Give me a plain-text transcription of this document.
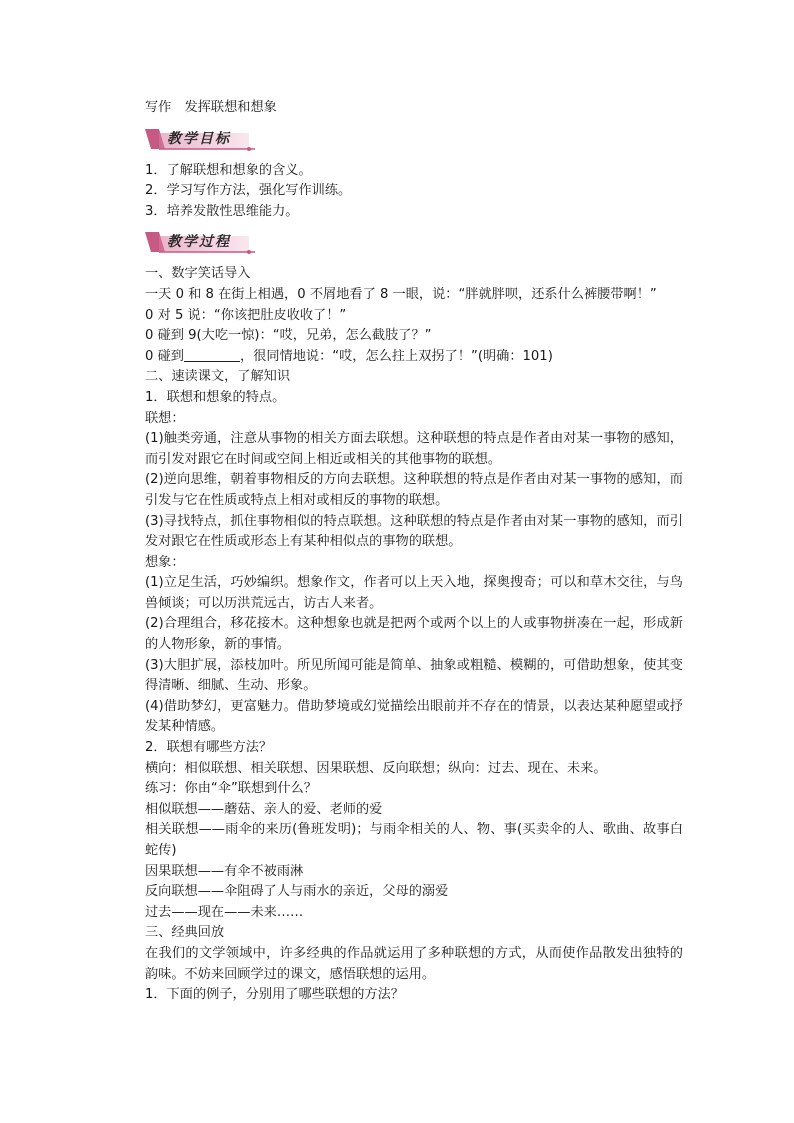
写作　发挥联想和想象
教学目标
1．了解联想和想象的含义。
2．学习写作方法，强化写作训练。
3．培养发散性思维能力。
教学过程
一、数字笑话导入
一天 0 和 8 在街上相遇，0 不屑地看了 8 一眼，说：“胖就胖呗，还系什么裤腰带啊！”
0 对 5 说：“你该把肚皮收收了！”
0 碰到 9(大吃一惊)：“哎，兄弟，怎么截肢了？”
0 碰到	，很同情地说：“哎，怎么拄上双拐了！”(明确：101)
二、速读课文，了解知识
1．联想和想象的特点。
联想：
(1)触类旁通，注意从事物的相关方面去联想。这种联想的特点是作者由对某一事物的感知，而引发对跟它在时间或空间上相近或相关的其他事物的联想。
(2)逆向思维，朝着事物相反的方向去联想。这种联想的特点是作者由对某一事物的感知，而引发与它在性质或特点上相对或相反的事物的联想。
(3)寻找特点，抓住事物相似的特点联想。这种联想的特点是作者由对某一事物的感知，而引发对跟它在性质或形态上有某种相似点的事物的联想。
想象：
(1)立足生活，巧妙编织。想象作文，作者可以上天入地，探奥搜奇；可以和草木交往，与鸟兽倾谈；可以历洪荒远古，访古人来者。
(2)合理组合，移花接木。这种想象也就是把两个或两个以上的人或事物拼凑在一起，形成新的人物形象，新的事情。
(3)大胆扩展，添枝加叶。所见所闻可能是简单、抽象或粗糙、模糊的，可借助想象，使其变得清晰、细腻、生动、形象。
(4)借助梦幻，更富魅力。借助梦境或幻觉描绘出眼前并不存在的情景，以表达某种愿望或抒发某种情感。
2．联想有哪些方法？
横向：相似联想、相关联想、因果联想、反向联想；纵向：过去、现在、未来。
练习：你由“伞”联想到什么？
相似联想——蘑菇、亲人的爱、老师的爱
相关联想——雨伞的来历(鲁班发明)；与雨伞相关的人、物、事(买卖伞的人、歌曲、故事白蛇传)
因果联想——有伞不被雨淋
反向联想——伞阻碍了人与雨水的亲近，父母的溺爱
过去——现在——未来……
三、经典回放
在我们的文学领域中，许多经典的作品就运用了多种联想的方式，从而使作品散发出独特的韵味。不妨来回顾学过的课文，感悟联想的运用。
1．下面的例子，分别用了哪些联想的方法？
